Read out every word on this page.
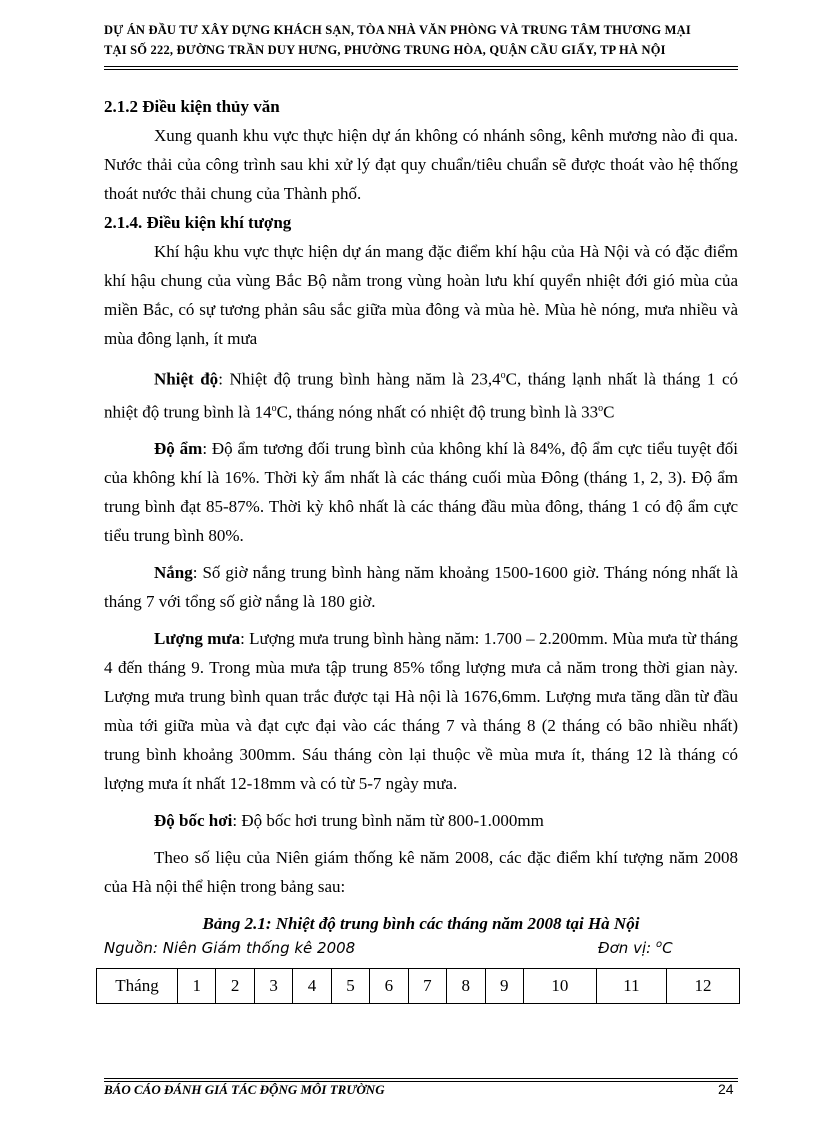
DỰ ÁN ĐẦU TƯ XÂY DỰNG KHÁCH SẠN, TÒA NHÀ VĂN PHÒNG VÀ TRUNG TÂM THƯƠNG MẠI
TẠI SỐ 222, ĐƯỜNG TRẦN DUY HƯNG, PHƯỜNG TRUNG HÒA, QUẬN CẦU GIẤY, TP HÀ NỘI

2.1.2 Điều kiện thủy văn

Xung quanh khu vực thực hiện dự án không có nhánh sông, kênh mương nào đi qua. Nước thải của công trình sau khi xử lý đạt quy chuẩn/tiêu chuẩn sẽ được thoát vào hệ thống thoát nước thải chung của Thành phố.

2.1.4. Điều kiện khí tượng

Khí hậu khu vực thực hiện dự án mang đặc điểm khí hậu của Hà Nội và có đặc điểm khí hậu chung của vùng Bắc Bộ nằm trong vùng hoàn lưu khí quyển nhiệt đới gió mùa của miền Bắc, có sự tương phản sâu sắc giữa mùa đông và mùa hè. Mùa hè nóng, mưa nhiều và mùa đông lạnh, ít mưa

Nhiệt độ: Nhiệt độ trung bình hàng năm là 23,4$^o$C, tháng lạnh nhất là tháng 1 có nhiệt độ trung bình là 14$^o$C, tháng nóng nhất có nhiệt độ trung bình là 33$^o$C

Độ ẩm: Độ ẩm tương đối trung bình của không khí là 84%, độ ẩm cực tiểu tuyệt đối của không khí là 16%. Thời kỳ ẩm nhất là các tháng cuối mùa Đông (tháng 1, 2, 3). Độ ẩm trung bình đạt 85-87%. Thời kỳ khô nhất là các tháng đầu mùa đông, tháng 1 có độ ẩm cực tiểu trung bình 80%.

Nắng: Số giờ nắng trung bình hàng năm khoảng 1500-1600 giờ. Tháng nóng nhất là tháng 7 với tổng số giờ nắng là 180 giờ.

Lượng mưa: Lượng mưa trung bình hàng năm: 1.700 – 2.200mm. Mùa mưa từ tháng 4 đến tháng 9. Trong mùa mưa tập trung 85% tổng lượng mưa cả năm trong thời gian này. Lượng mưa trung bình quan trắc được tại Hà nội là 1676,6mm. Lượng mưa tăng dần từ đầu mùa tới giữa mùa và đạt cực đại vào các tháng 7 và tháng 8 (2 tháng có bão nhiều nhất) trung bình khoảng 300mm. Sáu tháng còn lại thuộc về mùa mưa ít, tháng 12 là tháng có lượng mưa ít nhất 12-18mm và có từ 5-7 ngày mưa.

Độ bốc hơi: Độ bốc hơi trung bình năm từ 800-1.000mm

Theo số liệu của Niên giám thống kê năm 2008, các đặc điểm khí tượng năm 2008 của Hà nội thể hiện trong bảng sau:

Bảng 2.1: Nhiệt độ trung bình các tháng năm 2008 tại Hà Nội

Nguồn: Niên Giám thống kê 2008	Đơn vị: $^o$C
Tháng	1	2	3	4	5	6	7	8	9	10	11	12
BÁO CÁO ĐÁNH GIÁ TÁC ĐỘNG MÔI TRƯỜNG	24
